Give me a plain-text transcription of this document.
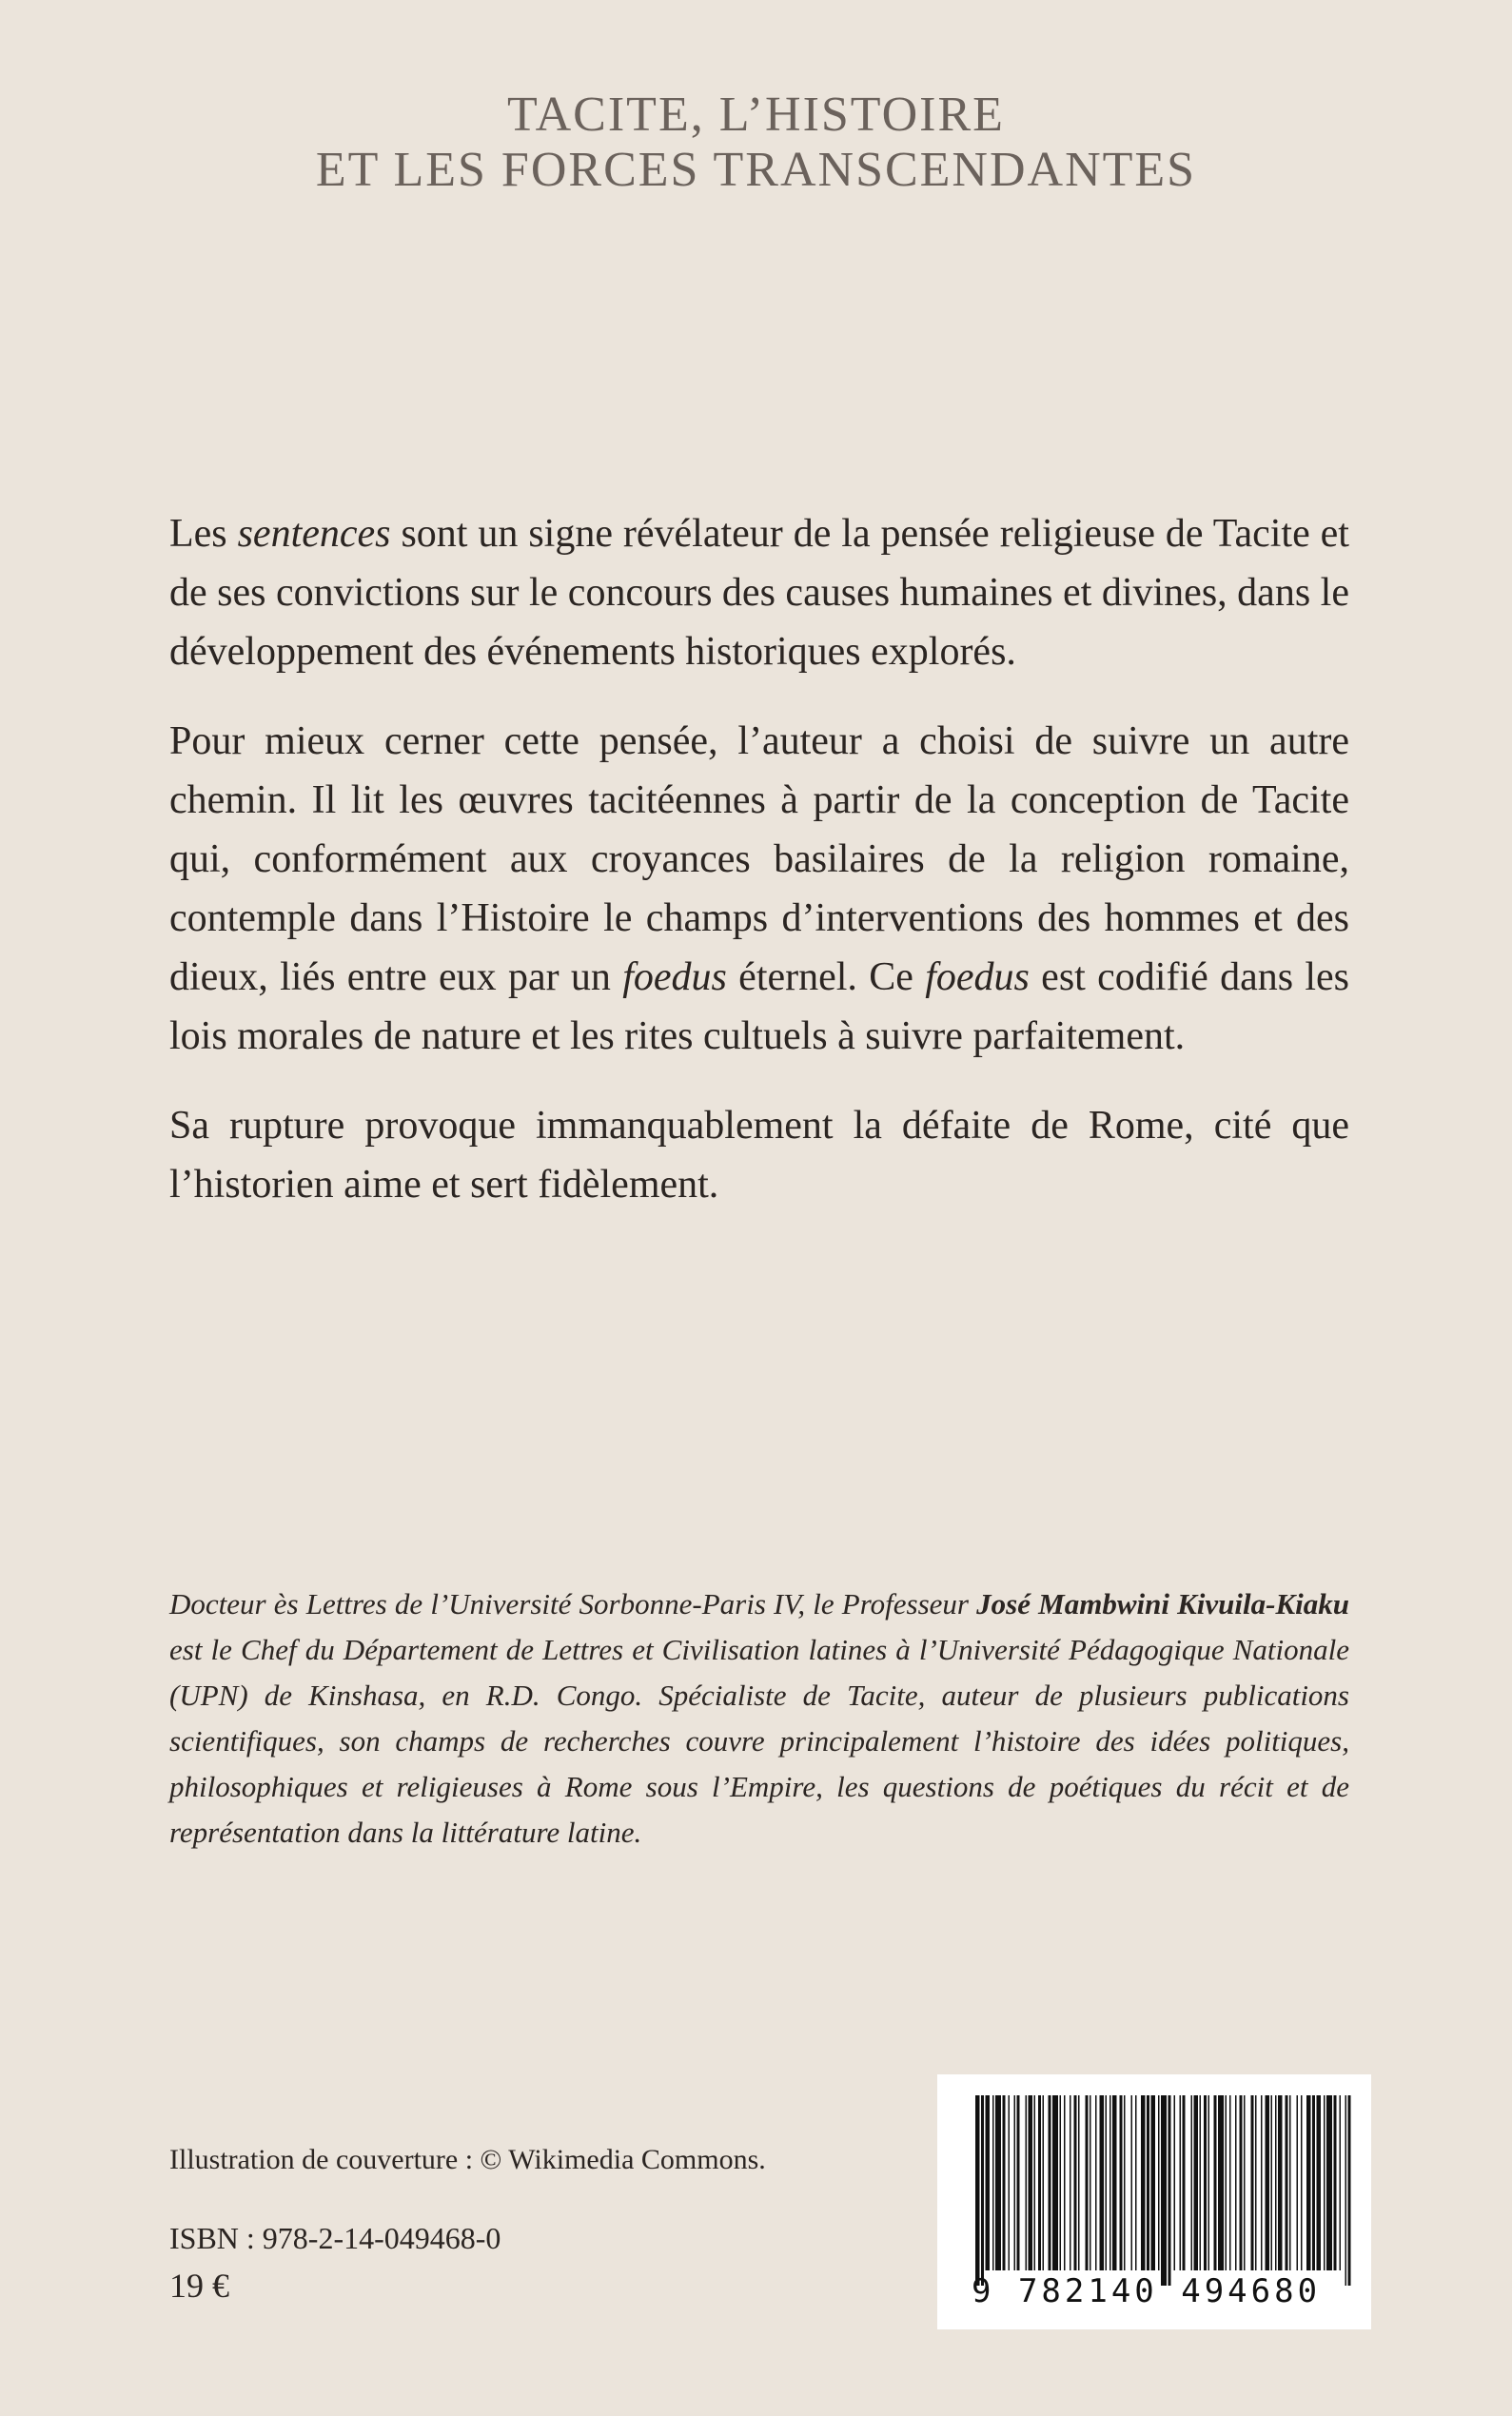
TACITE, L’HISTOIRE
ET LES FORCES TRANSCENDANTES

Les sentences sont un signe révélateur de la pensée religieuse de Tacite et de ses convictions sur le concours des causes humaines et divines, dans le développement des événements historiques explorés.

Pour mieux cerner cette pensée, l’auteur a choisi de suivre un autre chemin. Il lit les œuvres tacitéennes à partir de la conception de Tacite qui, conformément aux croyances basilaires de la religion romaine, contemple dans l’Histoire le champs d’interventions des hommes et des dieux, liés entre eux par un foedus éternel. Ce foedus est codifié dans les lois morales de nature et les rites cultuels à suivre parfaitement.

Sa rupture provoque immanquablement la défaite de Rome, cité que l’historien aime et sert fidèlement.

Docteur ès Lettres de l’Université Sorbonne-Paris IV, le Professeur José Mambwini Kivuila-Kiaku est le Chef du Département de Lettres et Civilisation latines à l’Université Pédagogique Nationale (UPN) de Kinshasa, en R.D. Congo. Spécialiste de Tacite, auteur de plusieurs publications scientifiques, son champs de recherches couvre principalement l’histoire des idées politiques, philosophiques et religieuses à Rome sous l’Empire, les questions de poétiques du récit et de représentation dans la littérature latine.
Illustration de couverture : © Wikimedia Commons.
ISBN : 978-2-14-049468-0
19 €	9 782140 494680
